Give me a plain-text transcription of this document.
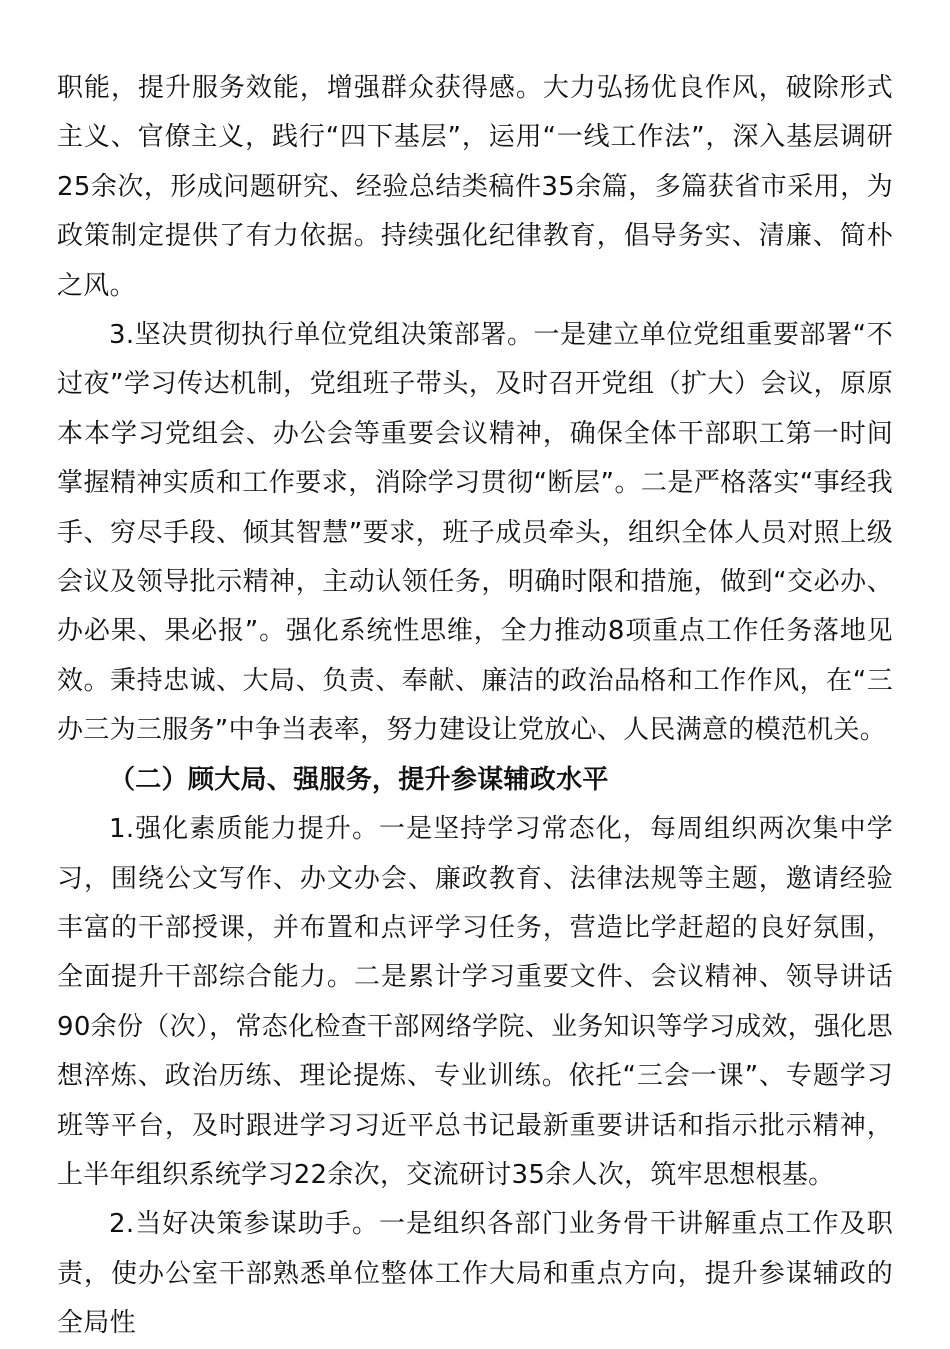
职能，提升服务效能，增强群众获得感。大力弘扬优良作风，破除形式主义、官僚主义，践行“四下基层”，运用“一线工作法”，深入基层调研25余次，形成问题研究、经验总结类稿件35余篇，多篇获省市采用，为政策制定提供了有力依据。持续强化纪律教育，倡导务实、清廉、简朴之风。

3.坚决贯彻执行单位党组决策部署。一是建立单位党组重要部署“不过夜”学习传达机制，党组班子带头，及时召开党组（扩大）会议，原原本本学习党组会、办公会等重要会议精神，确保全体干部职工第一时间掌握精神实质和工作要求，消除学习贯彻“断层”。二是严格落实“事经我手、穷尽手段、倾其智慧”要求，班子成员牵头，组织全体人员对照上级会议及领导批示精神，主动认领任务，明确时限和措施，做到“交必办、办必果、果必报”。强化系统性思维，全力推动8项重点工作任务落地见效。秉持忠诚、大局、负责、奉献、廉洁的政治品格和工作作风，在“三办三为三服务”中争当表率，努力建设让党放心、人民满意的模范机关。

（二）顾大局、强服务，提升参谋辅政水平

1.强化素质能力提升。一是坚持学习常态化，每周组织两次集中学习，围绕公文写作、办文办会、廉政教育、法律法规等主题，邀请经验丰富的干部授课，并布置和点评学习任务，营造比学赶超的良好氛围，全面提升干部综合能力。二是累计学习重要文件、会议精神、领导讲话90余份（次），常态化检查干部网络学院、业务知识等学习成效，强化思想淬炼、政治历练、理论提炼、专业训练。依托“三会一课”、专题学习班等平台，及时跟进学习习近平总书记最新重要讲话和指示批示精神，上半年组织系统学习22余次，交流研讨35余人次，筑牢思想根基。

2.当好决策参谋助手。一是组织各部门业务骨干讲解重点工作及职责，使办公室干部熟悉单位整体工作大局和重点方向，提升参谋辅政的全局性
